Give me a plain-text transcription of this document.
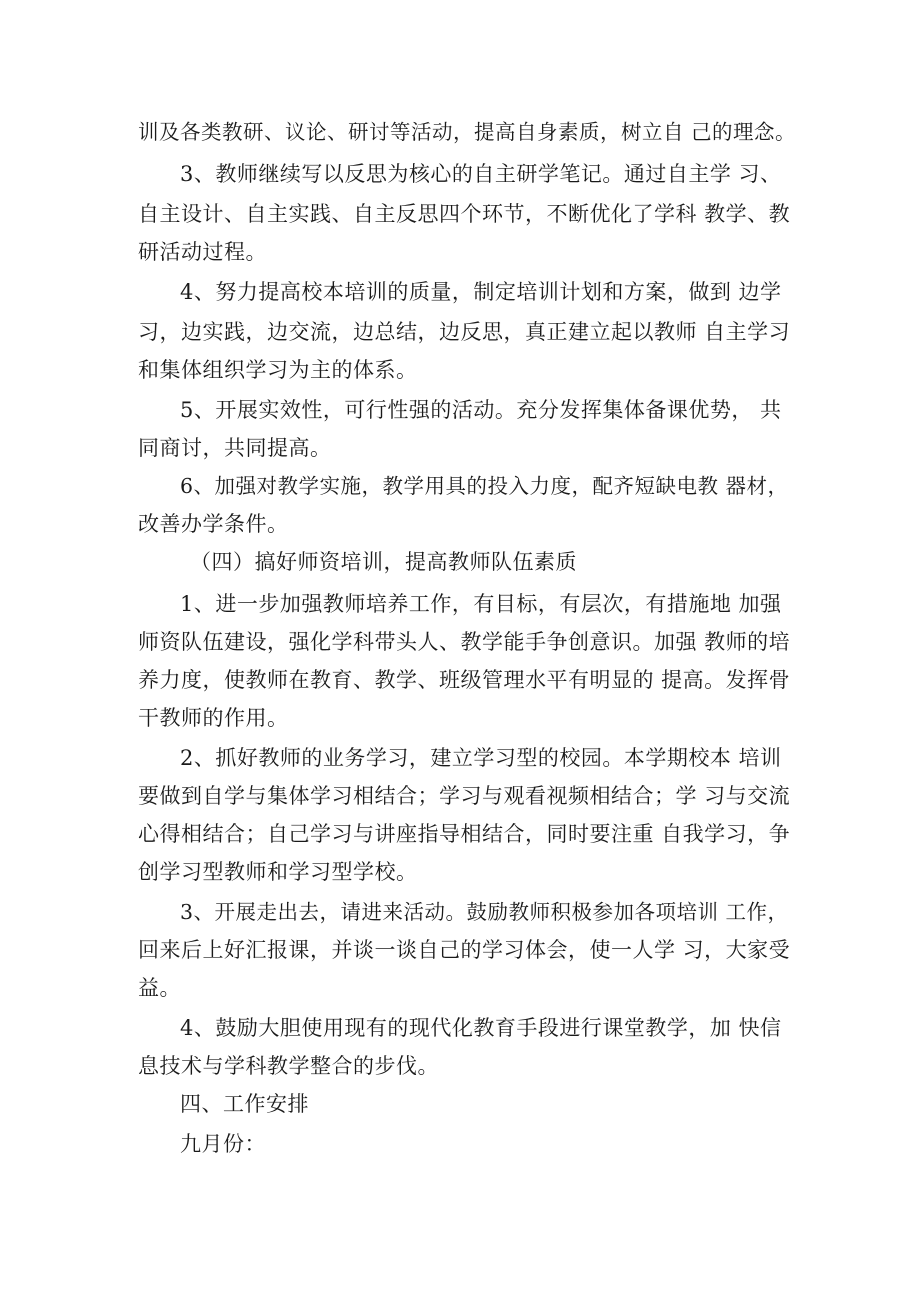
训及各类教研、议论、研讨等活动，提高自身素质，树立自 己的理念。
3、教师继续写以反思为核心的自主研学笔记。通过自主学 习、
自主设计、自主实践、自主反思四个环节，不断优化了学科 教学、教
研活动过程。
4、努力提高校本培训的质量，制定培训计划和方案，做到 边学
习，边实践，边交流，边总结，边反思，真正建立起以教师 自主学习
和集体组织学习为主的体系。
5、开展实效性，可行性强的活动。充分发挥集体备课优势， 共
同商讨，共同提高。
6、加强对教学实施，教学用具的投入力度，配齐短缺电教 器材，
改善办学条件。
（四）搞好师资培训，提高教师队伍素质
1、进一步加强教师培养工作，有目标，有层次，有措施地 加强
师资队伍建设，强化学科带头人、教学能手争创意识。加强 教师的培
养力度，使教师在教育、教学、班级管理水平有明显的 提高。发挥骨
干教师的作用。
2、抓好教师的业务学习，建立学习型的校园。本学期校本 培训
要做到自学与集体学习相结合；学习与观看视频相结合；学 习与交流
心得相结合；自己学习与讲座指导相结合，同时要注重 自我学习，争
创学习型教师和学习型学校。
3、开展走出去，请进来活动。鼓励教师积极参加各项培训 工作，
回来后上好汇报课，并谈一谈自己的学习体会，使一人学 习，大家受
益。
4、鼓励大胆使用现有的现代化教育手段进行课堂教学，加 快信
息技术与学科教学整合的步伐。
四、工作安排
九月份：
